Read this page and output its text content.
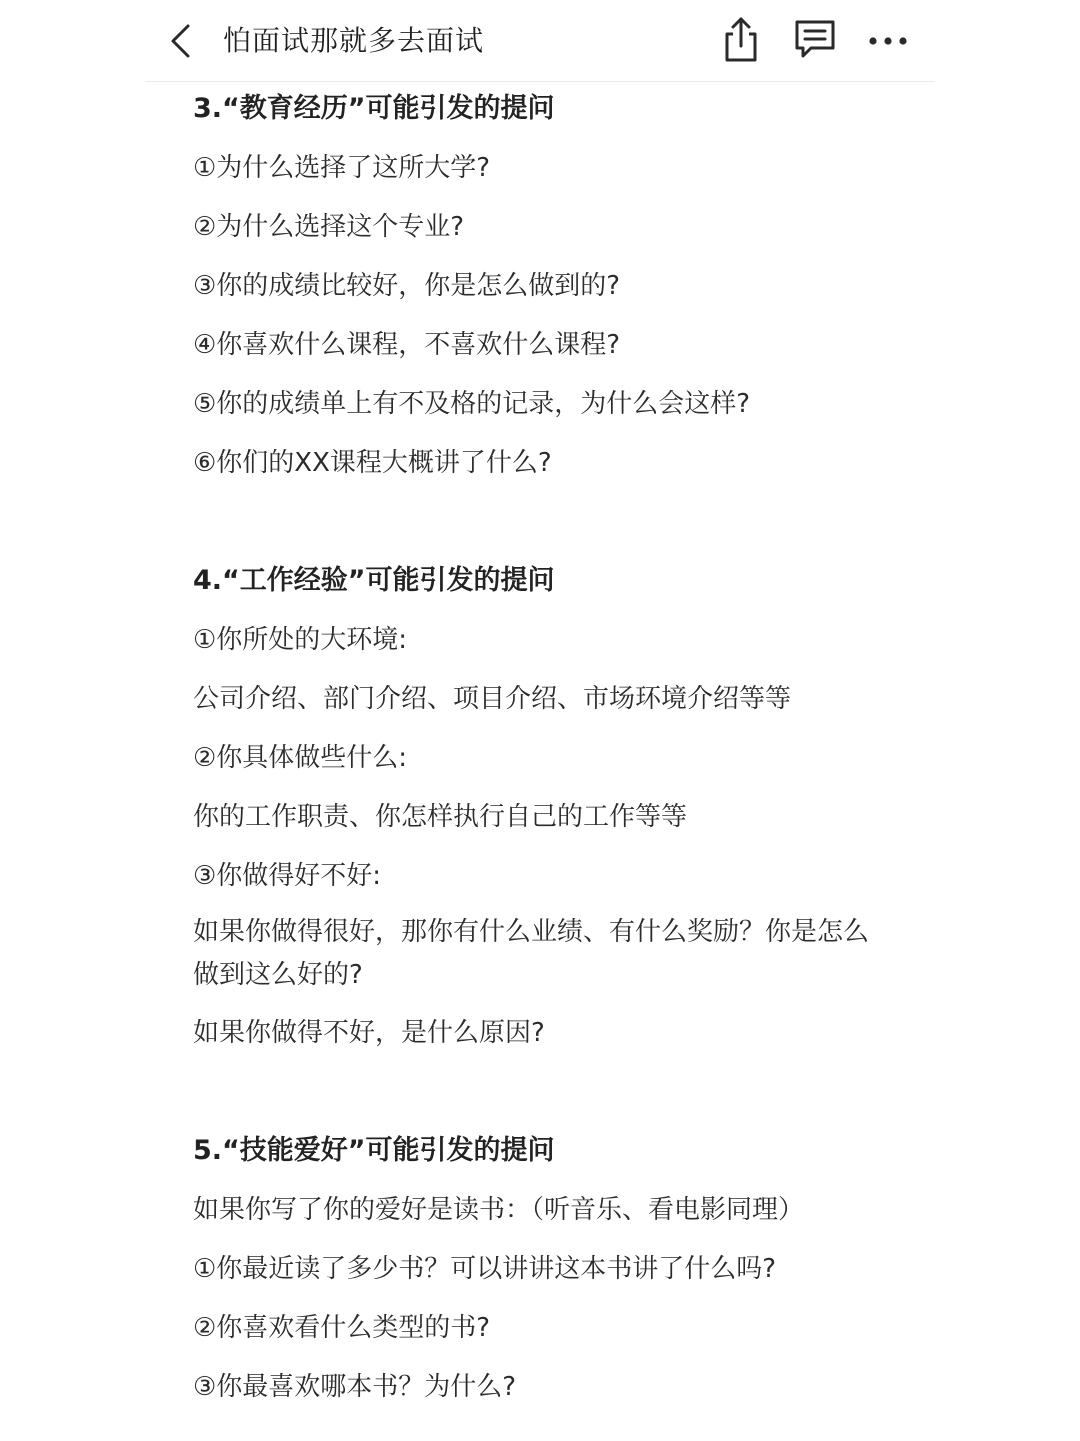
怕面试那就多去面试
3.“教育经历”可能引发的提问
①为什么选择了这所大学?
②为什么选择这个专业?
③你的成绩比较好，你是怎么做到的?
④你喜欢什么课程，不喜欢什么课程?
⑤你的成绩单上有不及格的记录，为什么会这样?
⑥你们的XX课程大概讲了什么?
4.“工作经验”可能引发的提问
①你所处的大环境:
公司介绍、部门介绍、项目介绍、市场环境介绍等等
②你具体做些什么:
你的工作职责、你怎样执行自己的工作等等
③你做得好不好:
如果你做得很好，那你有什么业绩、有什么奖励？你是怎么做到这么好的?
如果你做得不好，是什么原因?
5.“技能爱好”可能引发的提问
如果你写了你的爱好是读书：（听音乐、看电影同理）
①你最近读了多少书？可以讲讲这本书讲了什么吗?
②你喜欢看什么类型的书?
③你最喜欢哪本书？为什么?
